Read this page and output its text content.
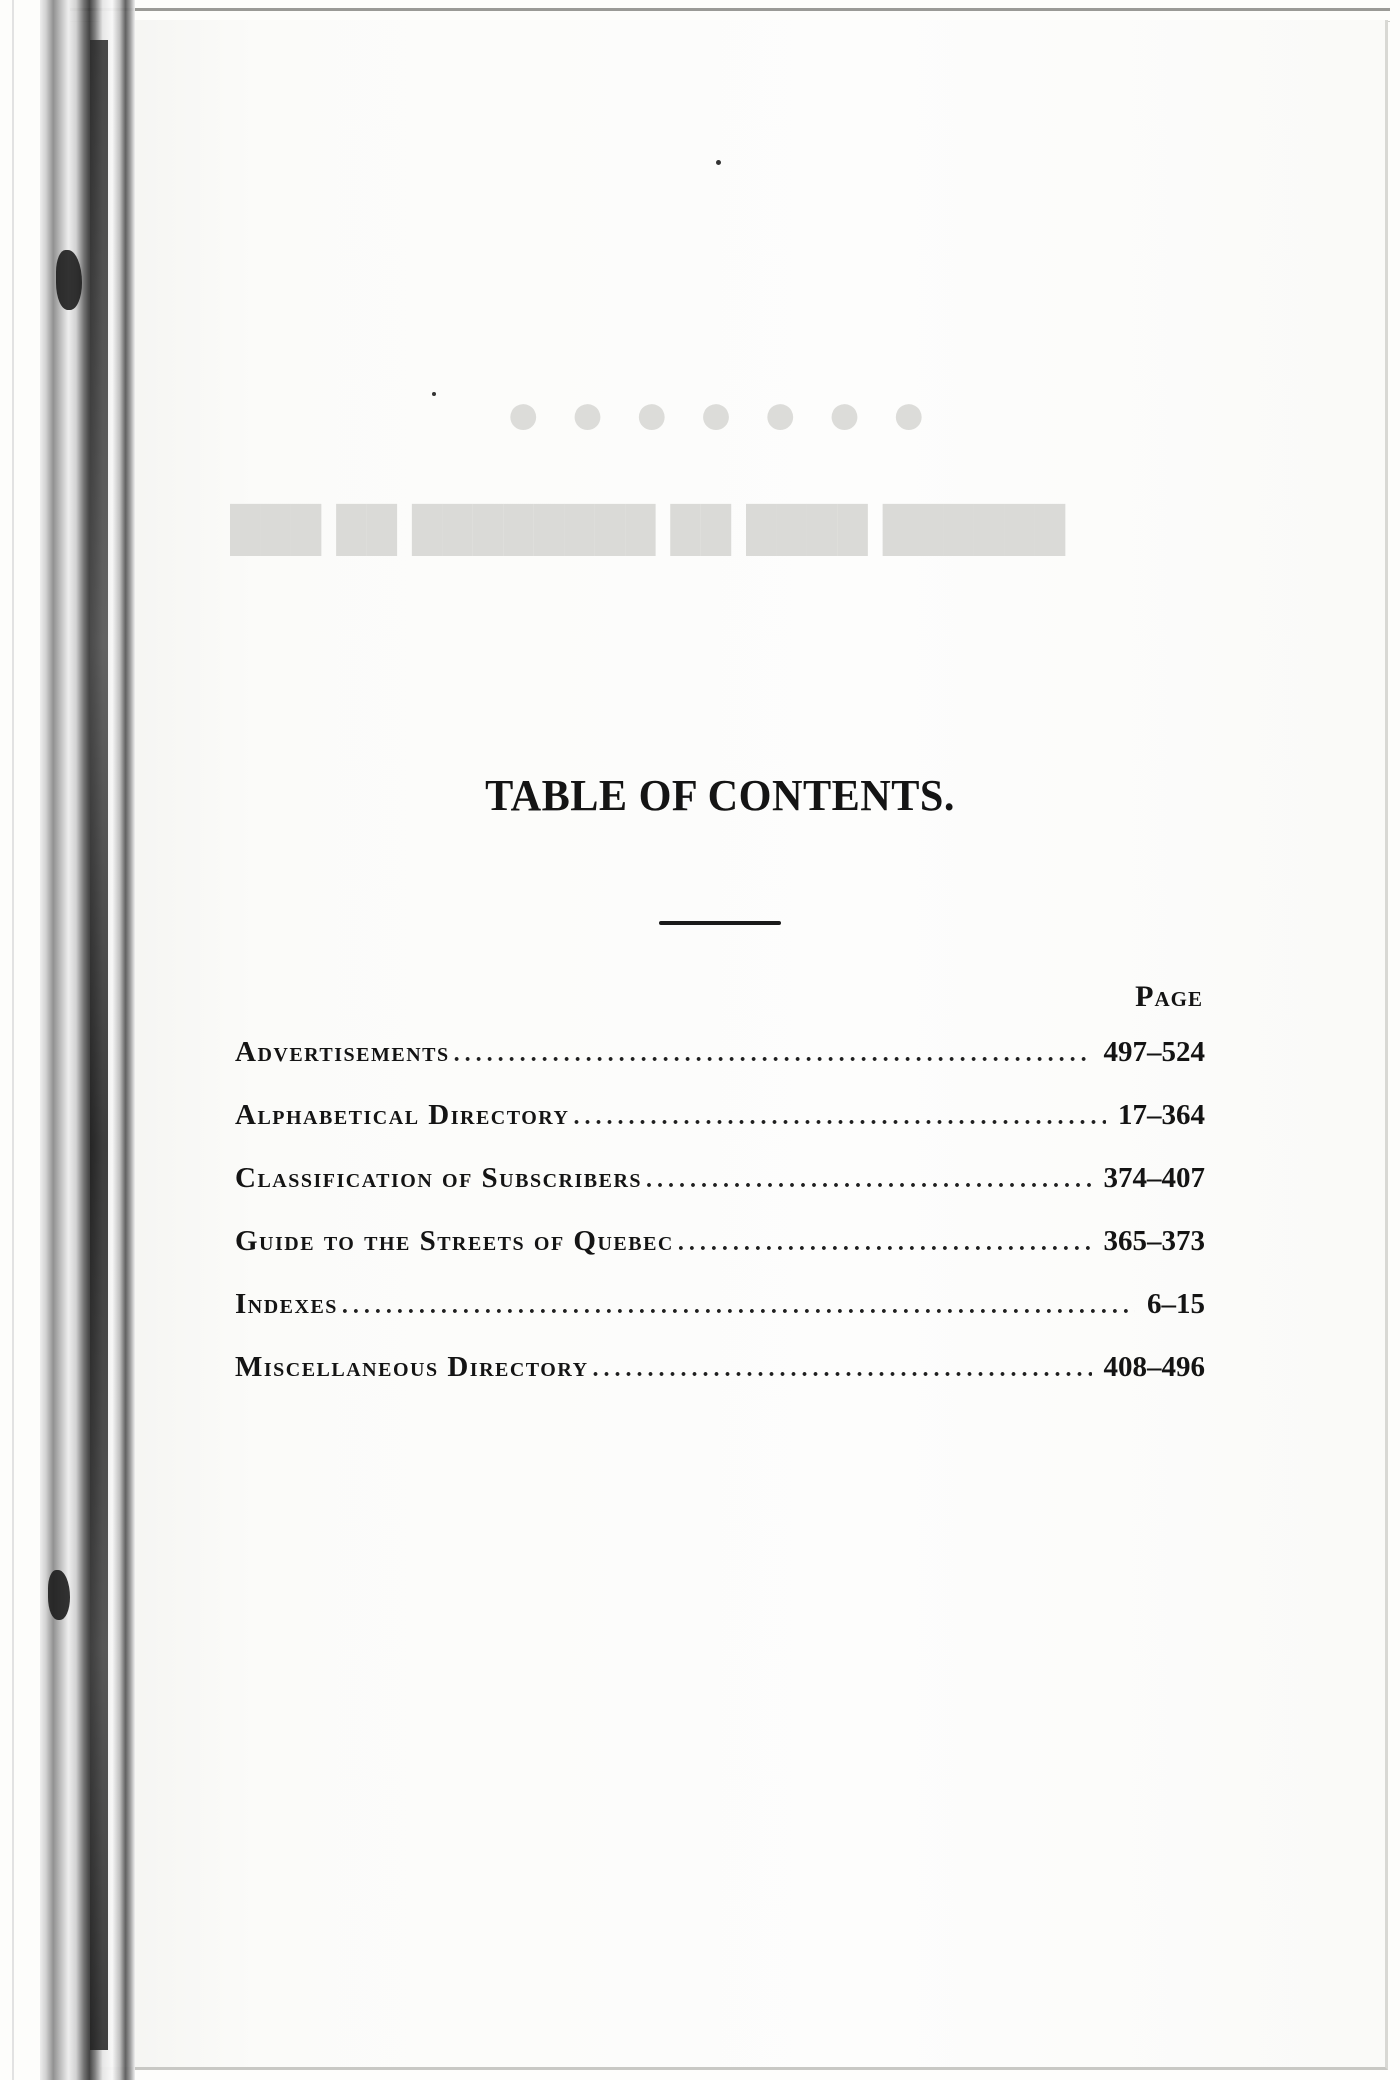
●●●●●●●

███ ██ ████████ ██ ████ ██████

TABLE OF CONTENTS.
Page
Advertisements .....	497–524
Alphabetical Directory .....	17–364
Classification of Subscribers .....	374–407
Guide to the Streets of Quebec .....	365–373
Indexes .....	6–15
Miscellaneous Directory .....	408–496
